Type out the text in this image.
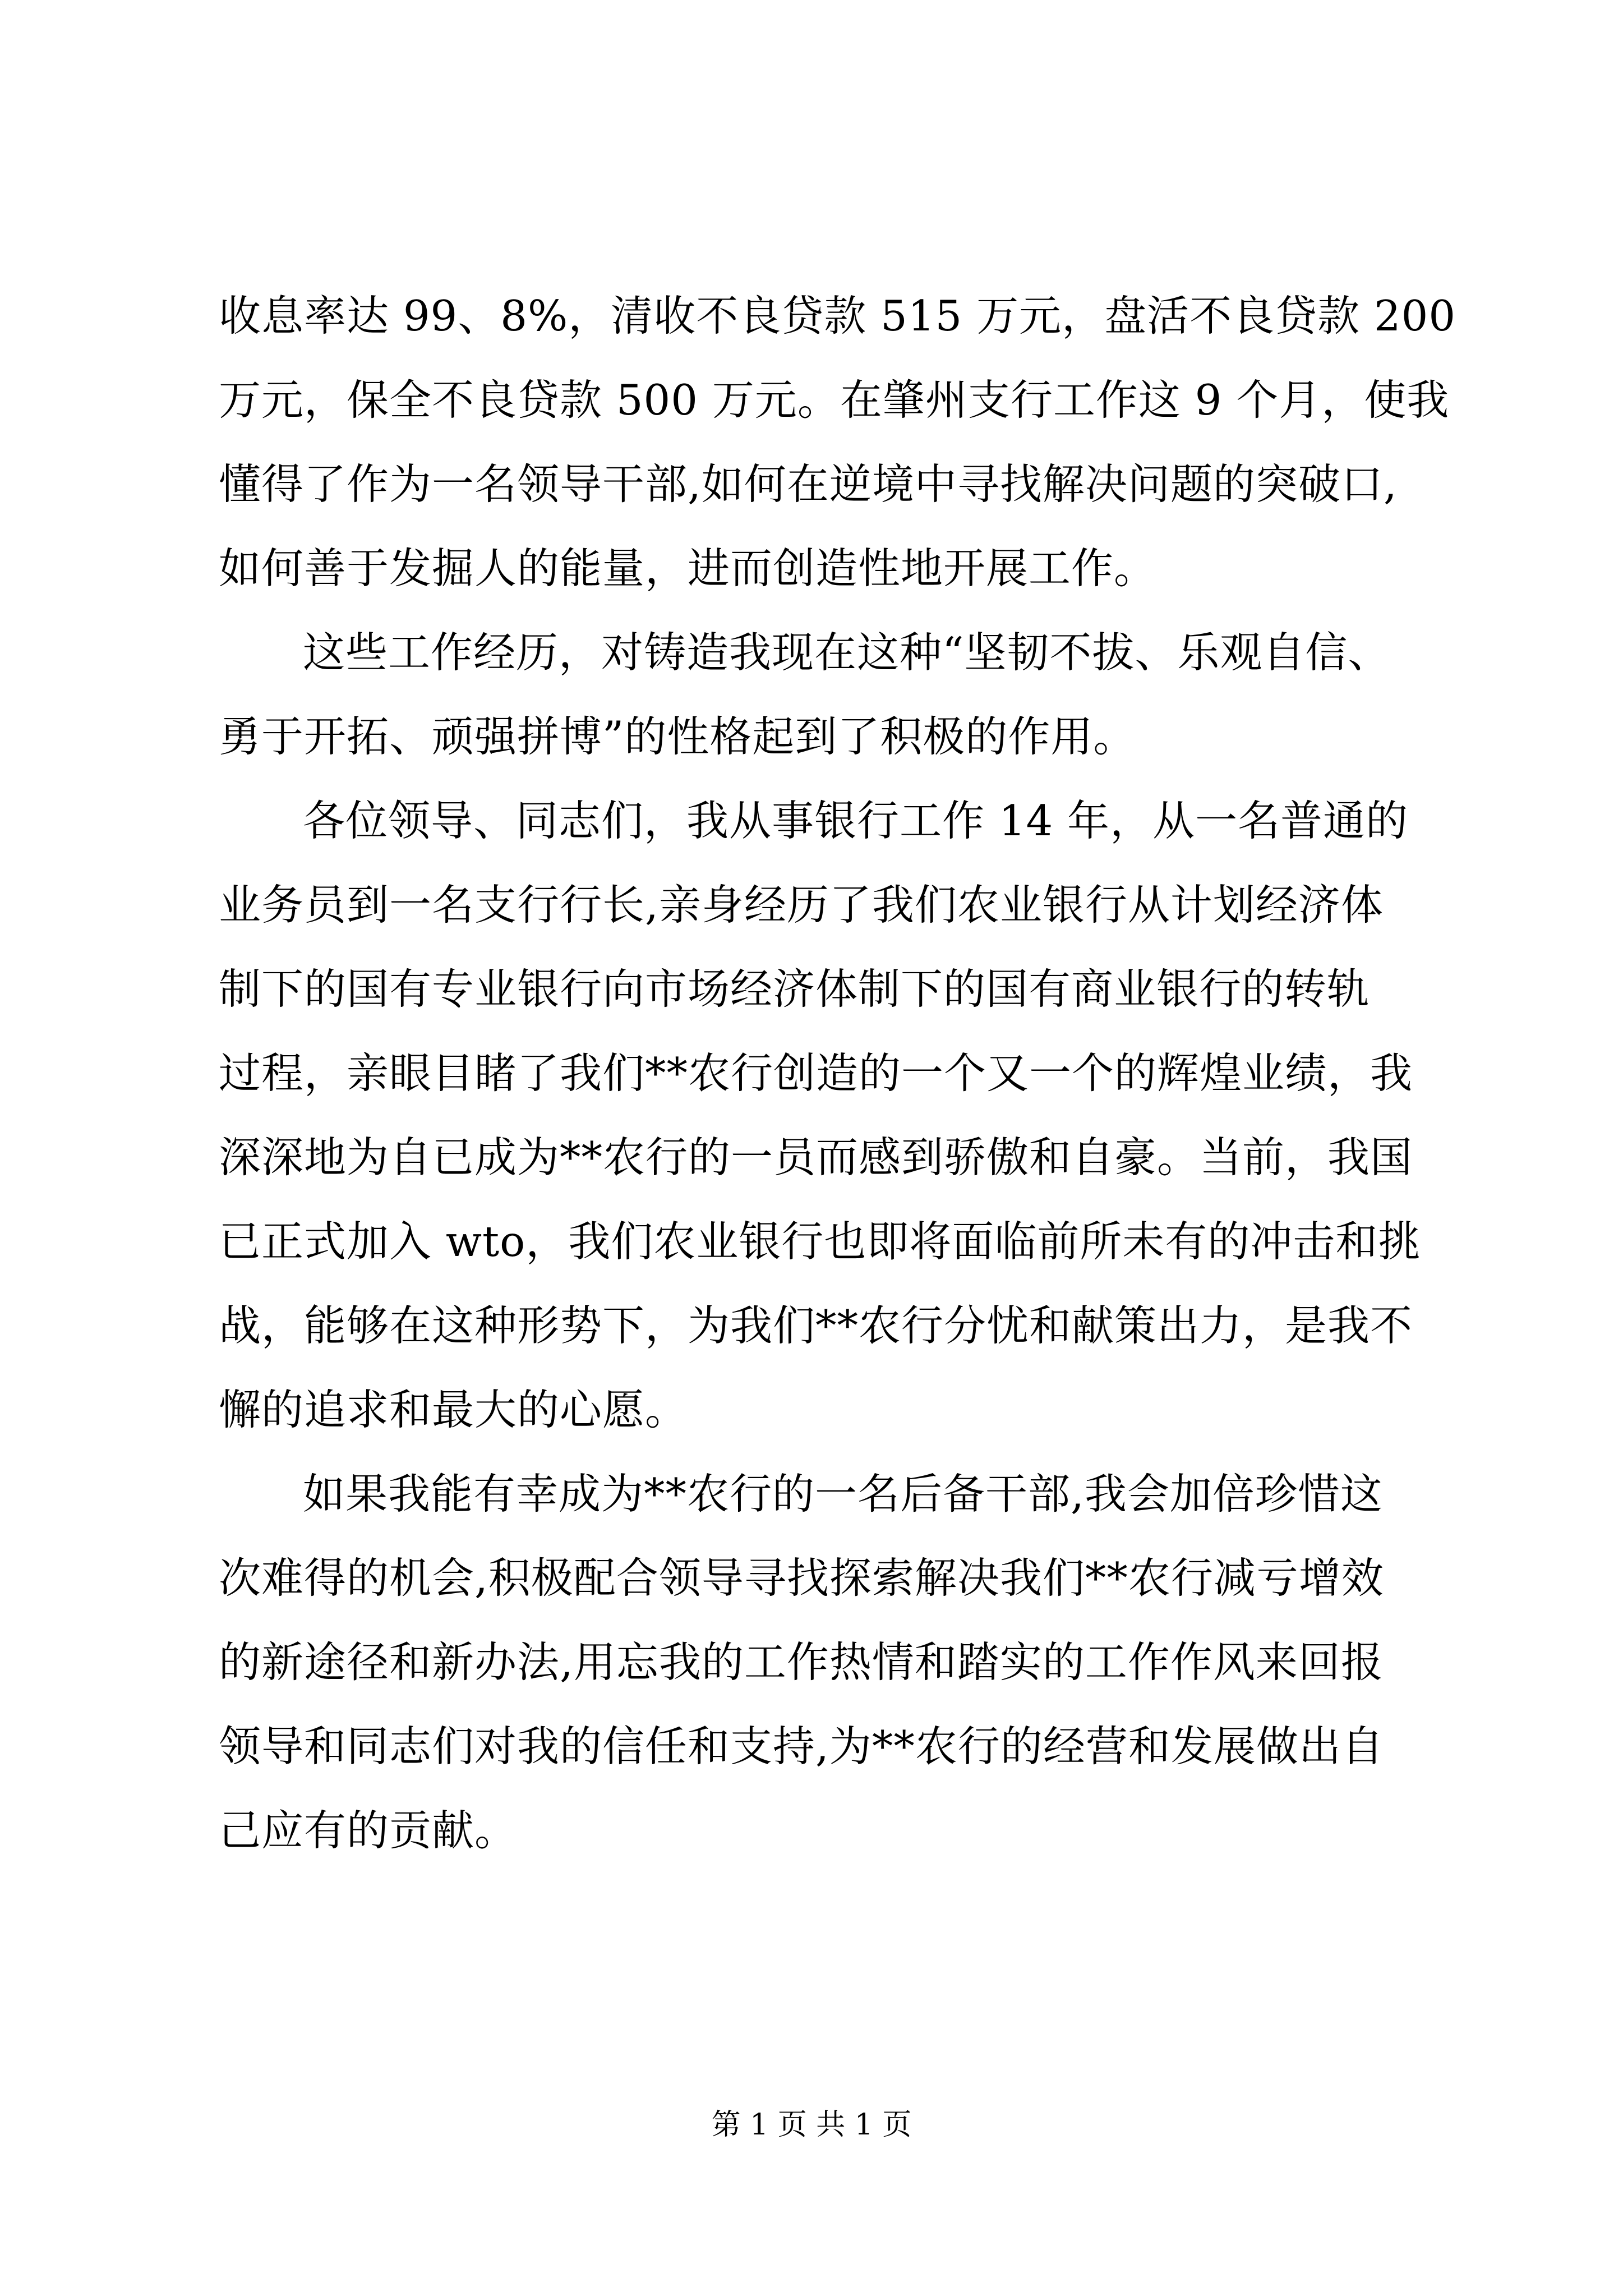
收息率达 99、8%，清收不良贷款 515 万元，盘活不良贷款 200
万元，保全不良贷款 500 万元。在肇州支行工作这 9 个月，使我
懂得了作为一名领导干部,如何在逆境中寻找解决问题的突破口,
如何善于发掘人的能量，进而创造性地开展工作。
这些工作经历，对铸造我现在这种“坚韧不拔、乐观自信、
勇于开拓、顽强拼博”的性格起到了积极的作用。
各位领导、同志们，我从事银行工作 14 年，从一名普通的
业务员到一名支行行长,亲身经历了我们农业银行从计划经济体
制下的国有专业银行向市场经济体制下的国有商业银行的转轨
过程，亲眼目睹了我们**农行创造的一个又一个的辉煌业绩，我
深深地为自已成为**农行的一员而感到骄傲和自豪。当前，我国
已正式加入 wto，我们农业银行也即将面临前所未有的冲击和挑
战，能够在这种形势下，为我们**农行分忧和献策出力，是我不
懈的追求和最大的心愿。
如果我能有幸成为**农行的一名后备干部,我会加倍珍惜这
次难得的机会,积极配合领导寻找探索解决我们**农行减亏增效
的新途径和新办法,用忘我的工作热情和踏实的工作作风来回报
领导和同志们对我的信任和支持,为**农行的经营和发展做出自
己应有的贡献。
第 1 页 共 1 页
